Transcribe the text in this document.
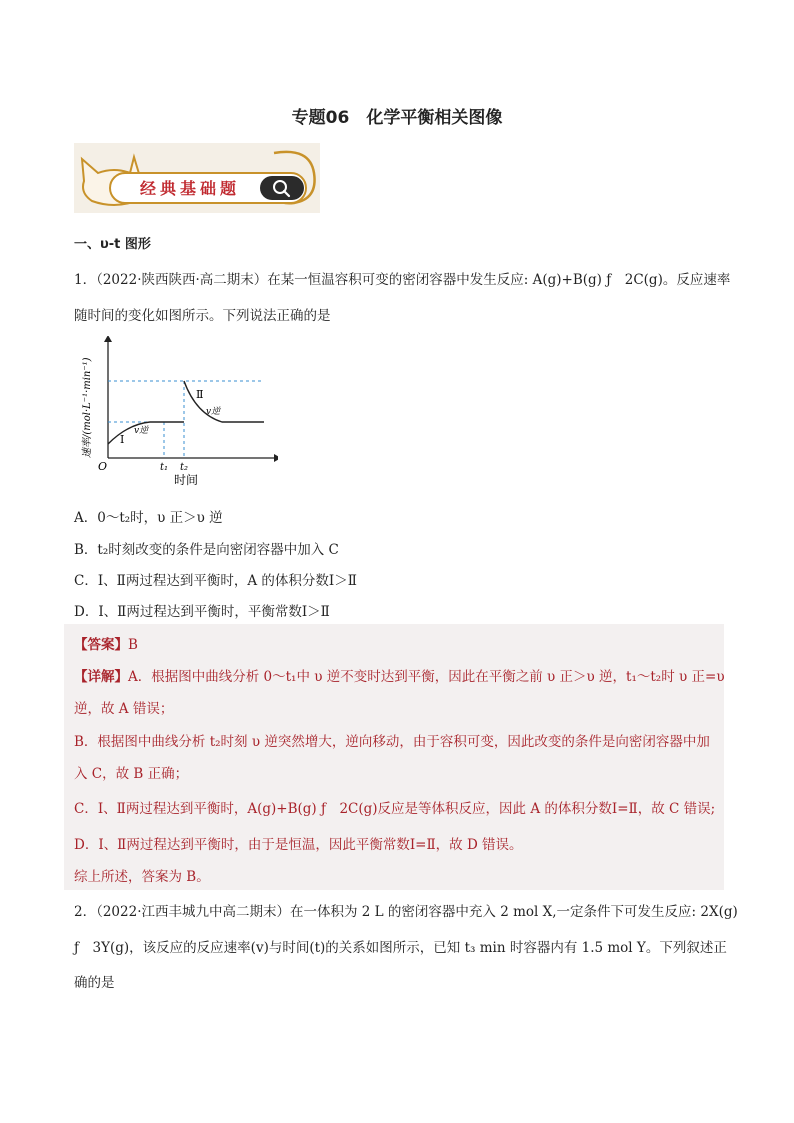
专题06　化学平衡相关图像
经典基础题
一、υ-t 图形
1．（2022·陕西陕西·高二期末）在某一恒温容积可变的密闭容器中发生反应: A(g)+B(g) ƒ　2C(g)。反应速率
随时间的变化如图所示。下列说法正确的是
速率/(mol·L⁻¹·min⁻¹)
O	t₁ t₂
时间
Ⅰ
v逆
Ⅱ
v逆
A．0～t₂时，υ 正＞υ 逆
B．t₂时刻改变的条件是向密闭容器中加入 C
C．Ⅰ、Ⅱ两过程达到平衡时，A 的体积分数Ⅰ＞Ⅱ
D．Ⅰ、Ⅱ两过程达到平衡时，平衡常数Ⅰ＞Ⅱ
【答案】B
【详解】A．根据图中曲线分析 0～t₁中 υ 逆不变时达到平衡，因此在平衡之前 υ 正＞υ 逆，t₁～t₂时 υ 正=υ
逆，故 A 错误；
B．根据图中曲线分析 t₂时刻 υ 逆突然增大，逆向移动，由于容积可变，因此改变的条件是向密闭容器中加
入 C，故 B 正确；
C．Ⅰ、Ⅱ两过程达到平衡时，A(g)+B(g) ƒ　2C(g)反应是等体积反应，因此 A 的体积分数Ⅰ=Ⅱ，故 C 错误;
D．Ⅰ、Ⅱ两过程达到平衡时，由于是恒温，因此平衡常数Ⅰ=Ⅱ，故 D 错误。
综上所述，答案为 B。
2．（2022·江西丰城九中高二期末）在一体积为 2 L 的密闭容器中充入 2 mol X,一定条件下可发生反应: 2X(g)
ƒ　3Y(g)，该反应的反应速率(v)与时间(t)的关系如图所示，已知 t₃ min 时容器内有 1.5 mol Y。下列叙述正
确的是
